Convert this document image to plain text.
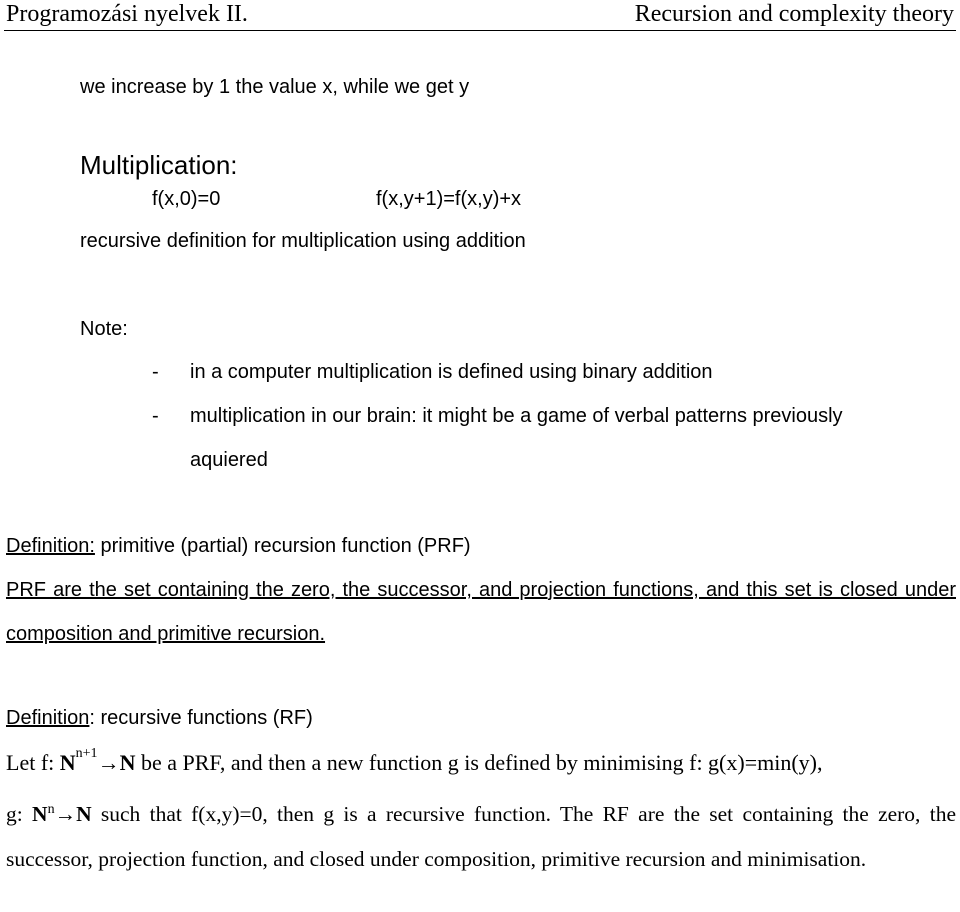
Programozási nyelvek II.	Recursion and complexity theory
we increase by 1 the value x, while we get y
Multiplication:
f(x,0)=0	f(x,y+1)=f(x,y)+x
recursive definition for multiplication using addition
Note:
- in a computer multiplication is defined using binary addition
- multiplication in our brain: it might be a game of verbal patterns previously
aquiered
Definition: primitive (partial) recursion function (PRF)

PRF are the set containing the zero, the successor, and projection functions, and this set is closed under composition and primitive recursion.

Definition: recursive functions (RF)
Let f: $N^{n+1}\to N$ be a PRF, and then a new function g is defined by minimising f: g(x)=min(y),

g: $N^n\to N$ such that f(x,y)=0, then g is a recursive function. The RF are the set containing the zero, the successor, projection function, and closed under composition, primitive recursion and minimisation.
